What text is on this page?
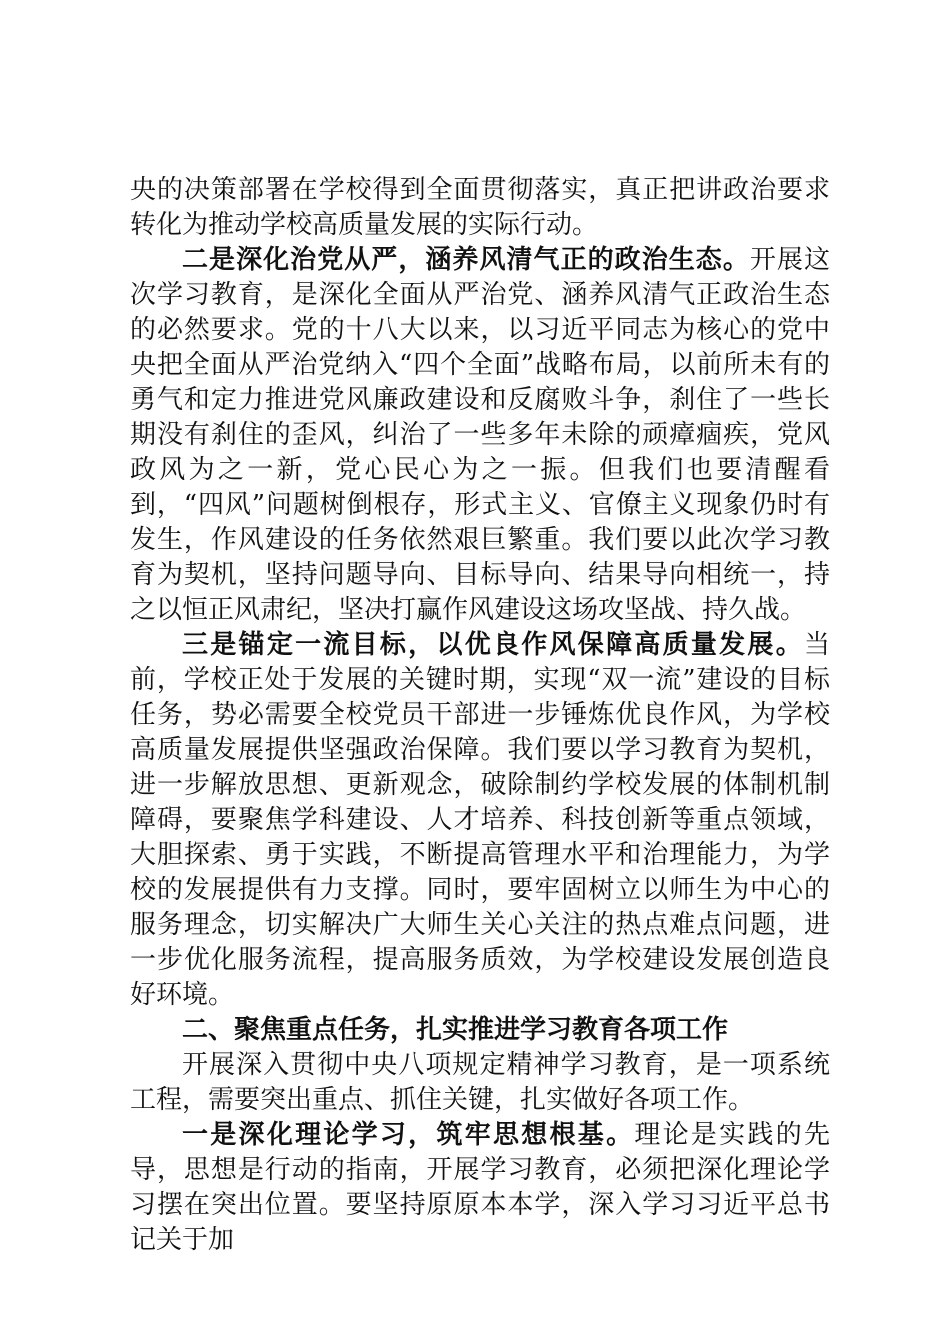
央的决策部署在学校得到全面贯彻落实，真正把讲政治要求转化为推动学校高质量发展的实际行动。

二是深化治党从严，涵养风清气正的政治生态。开展这次学习教育，是深化全面从严治党、涵养风清气正政治生态的必然要求。党的十八大以来，以习近平同志为核心的党中央把全面从严治党纳入“四个全面”战略布局，以前所未有的勇气和定力推进党风廉政建设和反腐败斗争，刹住了一些长期没有刹住的歪风，纠治了一些多年未除的顽瘴痼疾，党风政风为之一新，党心民心为之一振。但我们也要清醒看到，“四风”问题树倒根存，形式主义、官僚主义现象仍时有发生，作风建设的任务依然艰巨繁重。我们要以此次学习教育为契机，坚持问题导向、目标导向、结果导向相统一，持之以恒正风肃纪，坚决打赢作风建设这场攻坚战、持久战。

三是锚定一流目标，以优良作风保障高质量发展。当前，学校正处于发展的关键时期，实现“双一流”建设的目标任务，势必需要全校党员干部进一步锤炼优良作风，为学校高质量发展提供坚强政治保障。我们要以学习教育为契机，进一步解放思想、更新观念，破除制约学校发展的体制机制障碍，要聚焦学科建设、人才培养、科技创新等重点领域，大胆探索、勇于实践，不断提高管理水平和治理能力，为学校的发展提供有力支撑。同时，要牢固树立以师生为中心的服务理念，切实解决广大师生关心关注的热点难点问题，进一步优化服务流程，提高服务质效，为学校建设发展创造良好环境。

二、聚焦重点任务，扎实推进学习教育各项工作

开展深入贯彻中央八项规定精神学习教育，是一项系统工程，需要突出重点、抓住关键，扎实做好各项工作。

一是深化理论学习，筑牢思想根基。理论是实践的先导，思想是行动的指南，开展学习教育，必须把深化理论学习摆在突出位置。要坚持原原本本学，深入学习习近平总书记关于加
